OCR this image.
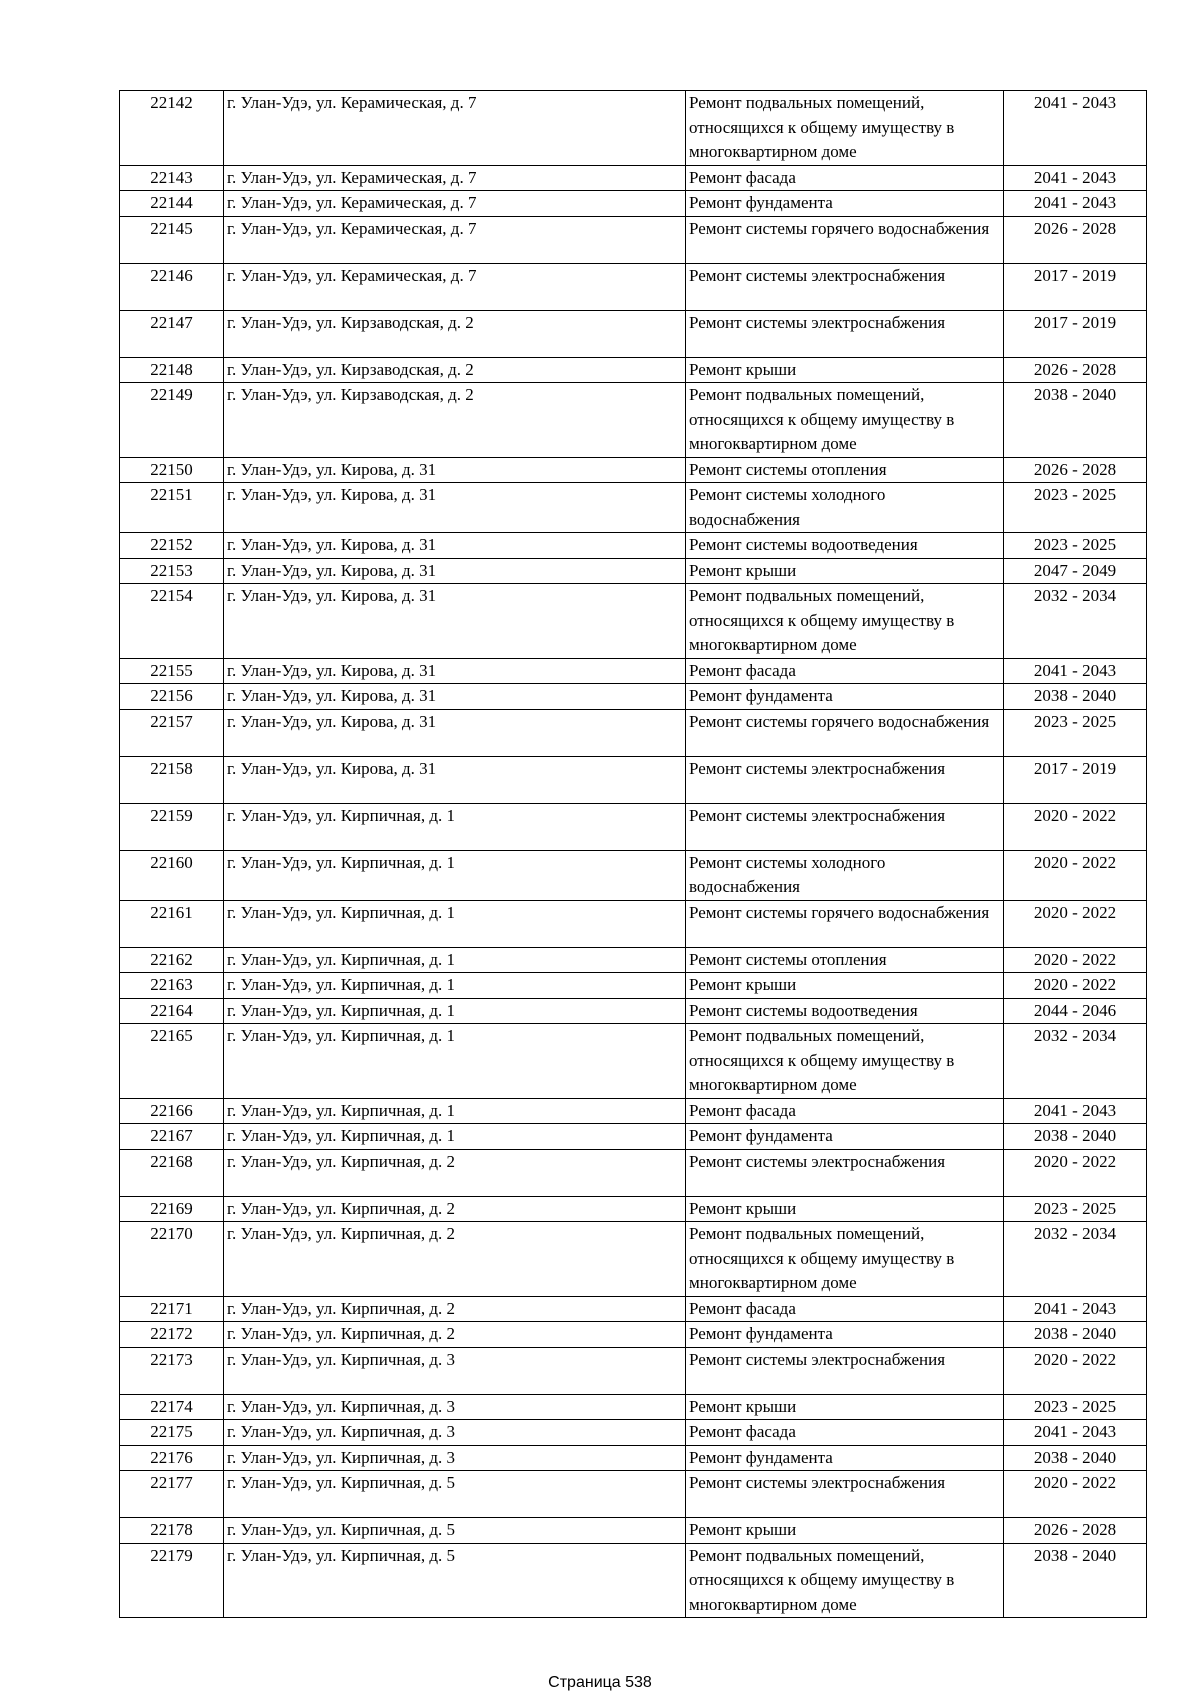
22142	г. Улан-Удэ, ул. Керамическая, д. 7	Ремонт подвальных помещений, относящихся к общему имуществу в многоквартирном доме	2041 - 2043
22143	г. Улан-Удэ, ул. Керамическая, д. 7	Ремонт фасада	2041 - 2043
22144	г. Улан-Удэ, ул. Керамическая, д. 7	Ремонт фундамента	2041 - 2043
22145	г. Улан-Удэ, ул. Керамическая, д. 7	Ремонт системы горячего водоснабжения	2026 - 2028
22146	г. Улан-Удэ, ул. Керамическая, д. 7	Ремонт системы электроснабжения	2017 - 2019
22147	г. Улан-Удэ, ул. Кирзаводская, д. 2	Ремонт системы электроснабжения	2017 - 2019
22148	г. Улан-Удэ, ул. Кирзаводская, д. 2	Ремонт крыши	2026 - 2028
22149	г. Улан-Удэ, ул. Кирзаводская, д. 2	Ремонт подвальных помещений, относящихся к общему имуществу в многоквартирном доме	2038 - 2040
22150	г. Улан-Удэ, ул. Кирова, д. 31	Ремонт системы отопления	2026 - 2028
22151	г. Улан-Удэ, ул. Кирова, д. 31	Ремонт системы холодного водоснабжения	2023 - 2025
22152	г. Улан-Удэ, ул. Кирова, д. 31	Ремонт системы водоотведения	2023 - 2025
22153	г. Улан-Удэ, ул. Кирова, д. 31	Ремонт крыши	2047 - 2049
22154	г. Улан-Удэ, ул. Кирова, д. 31	Ремонт подвальных помещений, относящихся к общему имуществу в многоквартирном доме	2032 - 2034
22155	г. Улан-Удэ, ул. Кирова, д. 31	Ремонт фасада	2041 - 2043
22156	г. Улан-Удэ, ул. Кирова, д. 31	Ремонт фундамента	2038 - 2040
22157	г. Улан-Удэ, ул. Кирова, д. 31	Ремонт системы горячего водоснабжения	2023 - 2025
22158	г. Улан-Удэ, ул. Кирова, д. 31	Ремонт системы электроснабжения	2017 - 2019
22159	г. Улан-Удэ, ул. Кирпичная, д. 1	Ремонт системы электроснабжения	2020 - 2022
22160	г. Улан-Удэ, ул. Кирпичная, д. 1	Ремонт системы холодного водоснабжения	2020 - 2022
22161	г. Улан-Удэ, ул. Кирпичная, д. 1	Ремонт системы горячего водоснабжения	2020 - 2022
22162	г. Улан-Удэ, ул. Кирпичная, д. 1	Ремонт системы отопления	2020 - 2022
22163	г. Улан-Удэ, ул. Кирпичная, д. 1	Ремонт крыши	2020 - 2022
22164	г. Улан-Удэ, ул. Кирпичная, д. 1	Ремонт системы водоотведения	2044 - 2046
22165	г. Улан-Удэ, ул. Кирпичная, д. 1	Ремонт подвальных помещений, относящихся к общему имуществу в многоквартирном доме	2032 - 2034
22166	г. Улан-Удэ, ул. Кирпичная, д. 1	Ремонт фасада	2041 - 2043
22167	г. Улан-Удэ, ул. Кирпичная, д. 1	Ремонт фундамента	2038 - 2040
22168	г. Улан-Удэ, ул. Кирпичная, д. 2	Ремонт системы электроснабжения	2020 - 2022
22169	г. Улан-Удэ, ул. Кирпичная, д. 2	Ремонт крыши	2023 - 2025
22170	г. Улан-Удэ, ул. Кирпичная, д. 2	Ремонт подвальных помещений, относящихся к общему имуществу в многоквартирном доме	2032 - 2034
22171	г. Улан-Удэ, ул. Кирпичная, д. 2	Ремонт фасада	2041 - 2043
22172	г. Улан-Удэ, ул. Кирпичная, д. 2	Ремонт фундамента	2038 - 2040
22173	г. Улан-Удэ, ул. Кирпичная, д. 3	Ремонт системы электроснабжения	2020 - 2022
22174	г. Улан-Удэ, ул. Кирпичная, д. 3	Ремонт крыши	2023 - 2025
22175	г. Улан-Удэ, ул. Кирпичная, д. 3	Ремонт фасада	2041 - 2043
22176	г. Улан-Удэ, ул. Кирпичная, д. 3	Ремонт фундамента	2038 - 2040
22177	г. Улан-Удэ, ул. Кирпичная, д. 5	Ремонт системы электроснабжения	2020 - 2022
22178	г. Улан-Удэ, ул. Кирпичная, д. 5	Ремонт крыши	2026 - 2028
22179	г. Улан-Удэ, ул. Кирпичная, д. 5	Ремонт подвальных помещений, относящихся к общему имуществу в многоквартирном доме	2038 - 2040
Страница 538
